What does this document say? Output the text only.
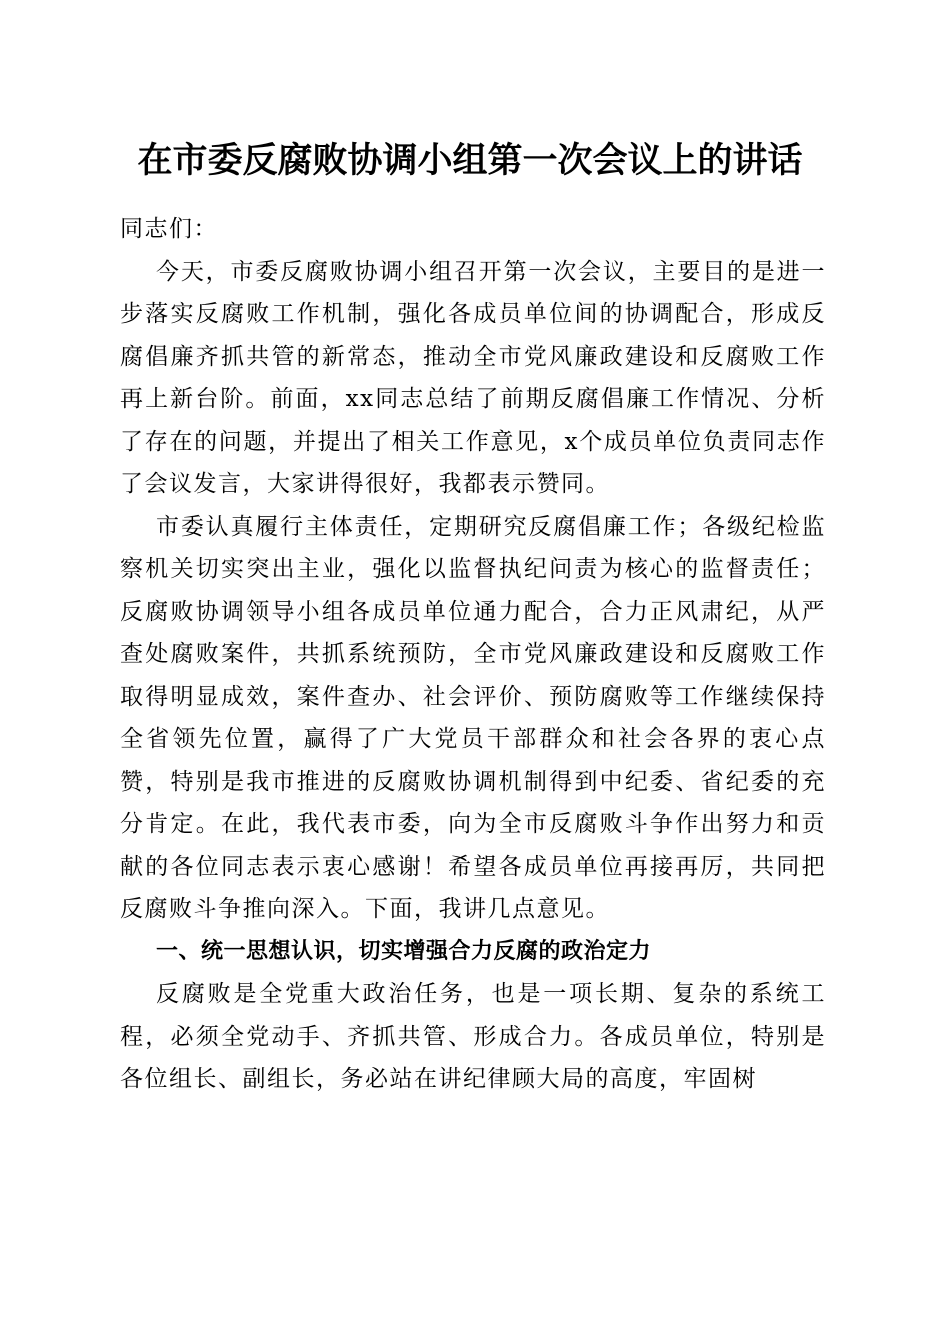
在市委反腐败协调小组第一次会议上的讲话

同志们：

今天，市委反腐败协调小组召开第一次会议，主要目的是进一步落实反腐败工作机制，强化各成员单位间的协调配合，形成反腐倡廉齐抓共管的新常态，推动全市党风廉政建设和反腐败工作再上新台阶。前面，xx同志总结了前期反腐倡廉工作情况、分析了存在的问题，并提出了相关工作意见，x个成员单位负责同志作了会议发言，大家讲得很好，我都表示赞同。

市委认真履行主体责任，定期研究反腐倡廉工作；各级纪检监察机关切实突出主业，强化以监督执纪问责为核心的监督责任；反腐败协调领导小组各成员单位通力配合，合力正风肃纪，从严查处腐败案件，共抓系统预防，全市党风廉政建设和反腐败工作取得明显成效，案件查办、社会评价、预防腐败等工作继续保持全省领先位置，赢得了广大党员干部群众和社会各界的衷心点赞，特别是我市推进的反腐败协调机制得到中纪委、省纪委的充分肯定。在此，我代表市委，向为全市反腐败斗争作出努力和贡献的各位同志表示衷心感谢！希望各成员单位再接再厉，共同把反腐败斗争推向深入。下面，我讲几点意见。

一、统一思想认识，切实增强合力反腐的政治定力

反腐败是全党重大政治任务，也是一项长期、复杂的系统工程，必须全党动手、齐抓共管、形成合力。各成员单位，特别是各位组长、副组长，务必站在讲纪律顾大局的高度，牢固树
